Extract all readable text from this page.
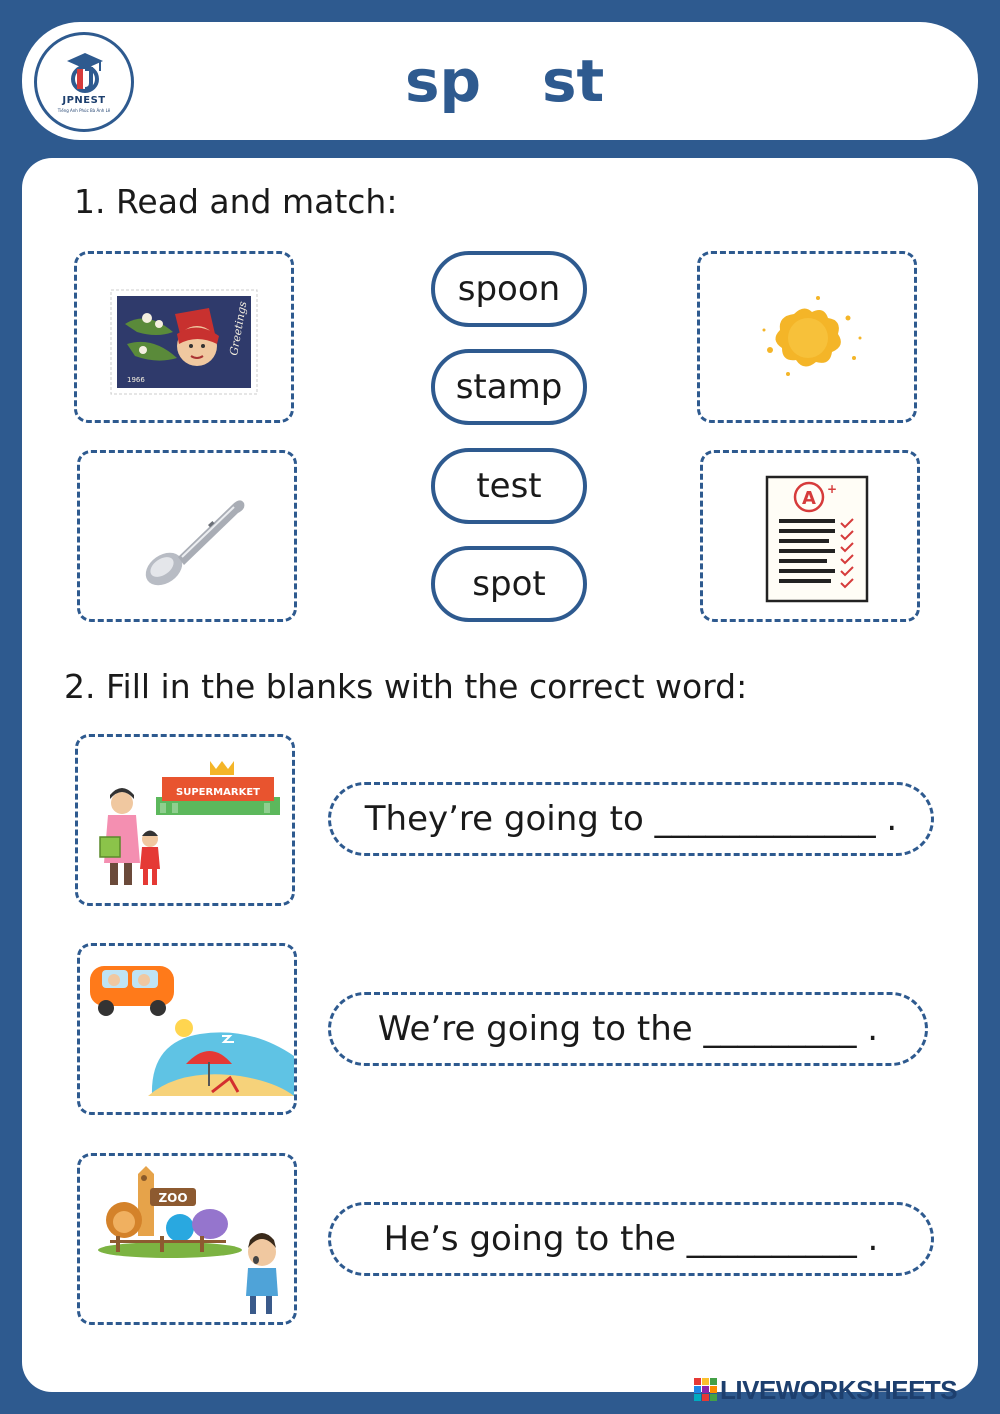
JPNEST
Tiếng Anh Phúc Bà Ánh Lê	sp st
1. Read and match:
Greetings
1966
A +
spoon
stamp
test
spot
2. Fill in the blanks with the correct word:
SUPERMARKET
ZOO
They’re going to _____________ .
We’re going to the _________ .
He’s going to the __________ .
LIVEWORKSHEETS
